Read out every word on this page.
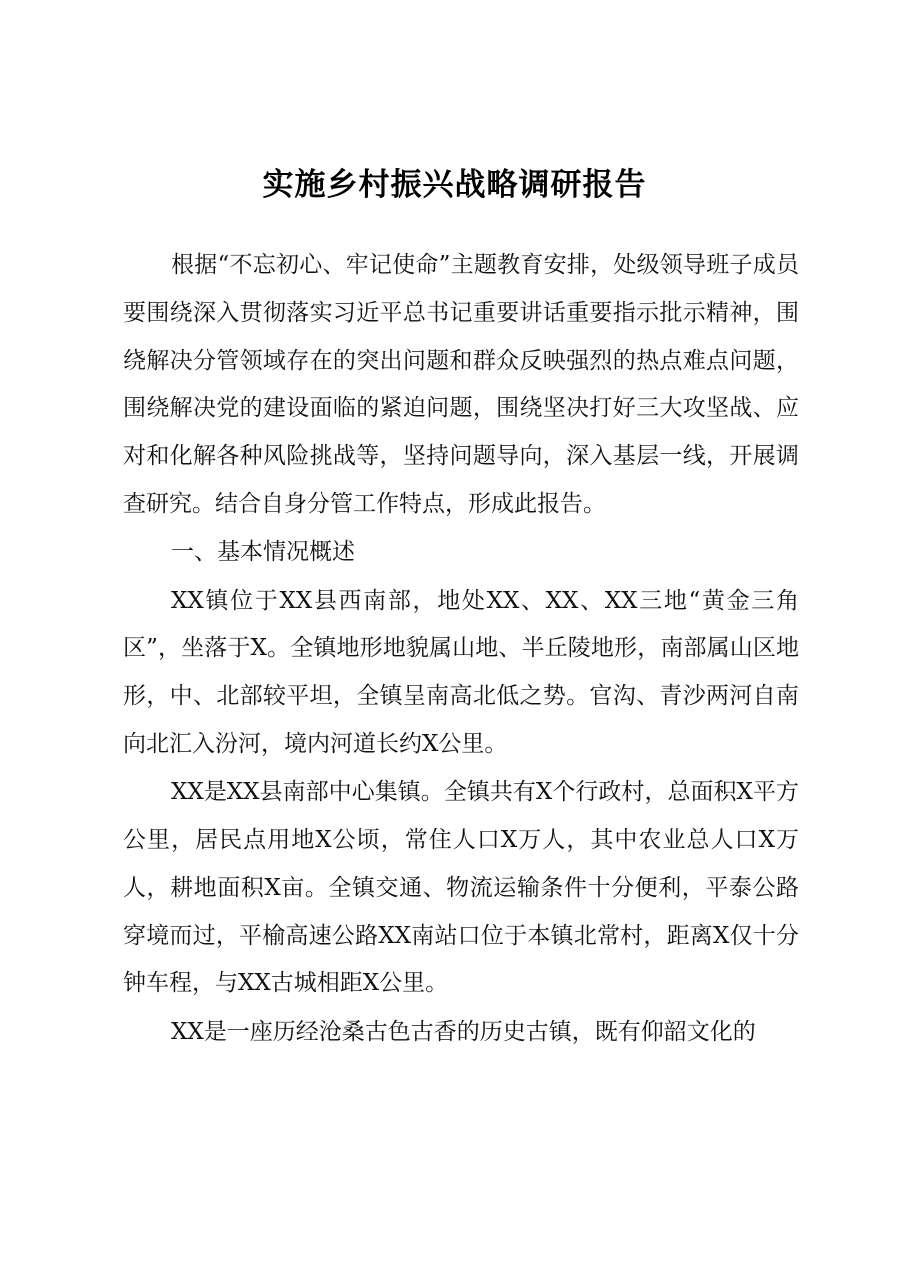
实施乡村振兴战略调研报告

根据“不忘初心、牢记使命”主题教育安排，处级领导班子成员要围绕深入贯彻落实习近平总书记重要讲话重要指示批示精神，围绕解决分管领域存在的突出问题和群众反映强烈的热点难点问题，围绕解决党的建设面临的紧迫问题，围绕坚决打好三大攻坚战、应对和化解各种风险挑战等，坚持问题导向，深入基层一线，开展调查研究。结合自身分管工作特点，形成此报告。

一、基本情况概述

XX镇位于XX县西南部，地处XX、XX、XX三地“黄金三角区”，坐落于X。全镇地形地貌属山地、半丘陵地形，南部属山区地形，中、北部较平坦，全镇呈南高北低之势。官沟、青沙两河自南向北汇入汾河，境内河道长约X公里。

XX是XX县南部中心集镇。全镇共有X个行政村，总面积X平方公里，居民点用地X公顷，常住人口X万人，其中农业总人口X万人，耕地面积X亩。全镇交通、物流运输条件十分便利，平泰公路穿境而过，平榆高速公路XX南站口位于本镇北常村，距离X仅十分钟车程，与XX古城相距X公里。

XX是一座历经沧桑古色古香的历史古镇，既有仰韶文化的
